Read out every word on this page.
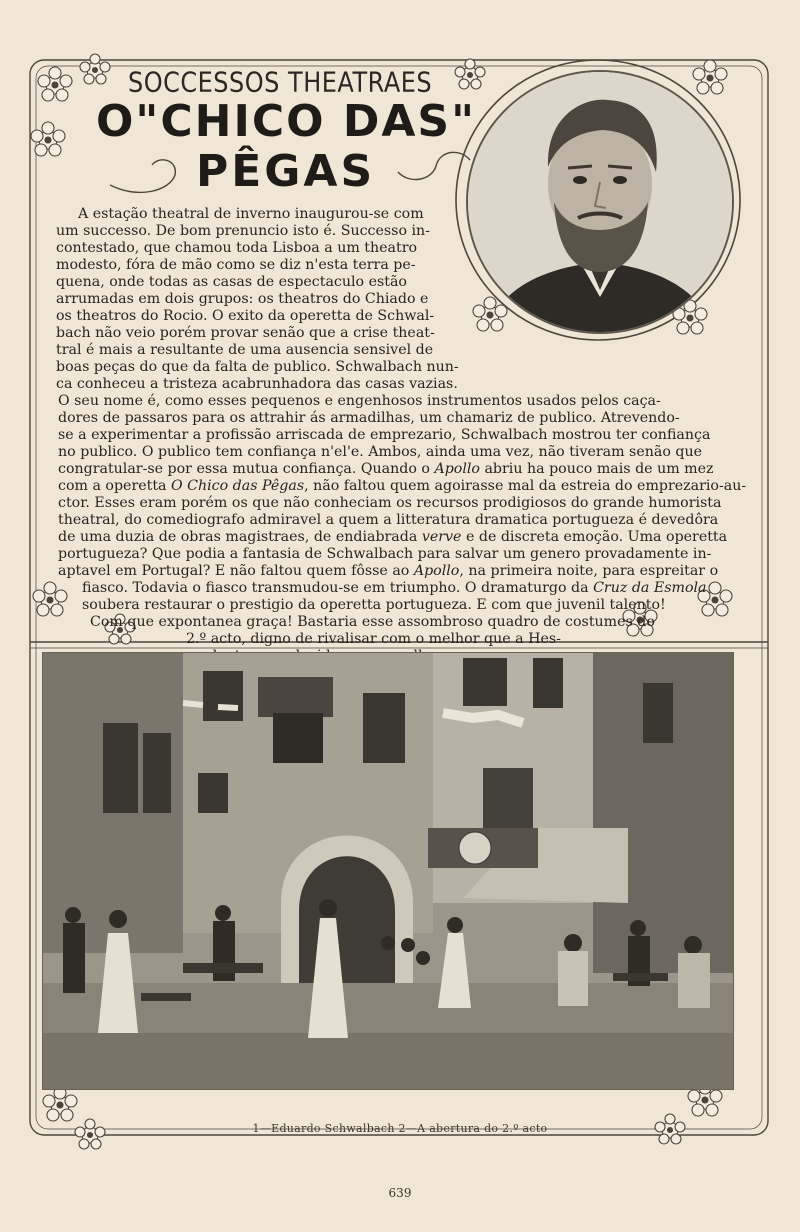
SOCCESSOS THEATRAES
O"CHICO DAS"
PÊGAS
A estação theatral de inverno inaugurou-se com
um successo. De bom prenuncio isto é. Successo in-
contestado, que chamou toda Lisboa a um theatro
modesto, fóra de mão como se diz n'esta terra pe-
quena, onde todas as casas de espectaculo estão
arrumadas em dois grupos: os theatros do Chiado e
os theatros do Rocio. O exito da operetta de Schwal-
bach não veio porém provar senão que a crise theat-
tral é mais a resultante de uma ausencia sensivel de
boas peças do que da falta de publico. Schwalbach nun-
ca conheceu a tristeza acabrunhadora das casas vazias.
O seu nome é, como esses pequenos e engenhosos instrumentos usados pelos caça-
dores de passaros para os attrahir ás armadilhas, um chamariz de publico. Atrevendo-
se a experimentar a profissão arriscada de emprezario, Schwalbach mostrou ter confiança
no publico. O publico tem confiança n'el'e. Ambos, ainda uma vez, não tiveram senão que
congratular-se por essa mutua confiança. Quando o Apollo abriu ha pouco mais de um mez
com a operetta O Chico das Pêgas, não faltou quem agoirasse mal da estreia do emprezario-au-
ctor. Esses eram porém os que não conheciam os recursos prodigiosos do grande humorista
theatral, do comediografo admiravel a quem a litteratura dramatica portugueza é devedôra
de uma duzia de obras magistraes, de endiabrada verve e de discreta emoção. Uma operetta
portugueza? Que podia a fantasia de Schwalbach para salvar um genero provadamente in-
aptavel em Portugal? E não faltou quem fôsse ao Apollo, na primeira noite, para espreitar o
fiasco. Todavia o fiasco transmudou-se em triumpho. O dramaturgo da Cruz da Esmola
soubera restaurar o prestigio da operetta portugueza. E com que juvenil talento!
Com que expontanea graça! Bastaria esse assombroso quadro de costumes do
2.º acto, digno de rivalisar com o melhor que a Hes-
1—Eduardo Schwalbach 2—A abertura do 2.º acto
639
